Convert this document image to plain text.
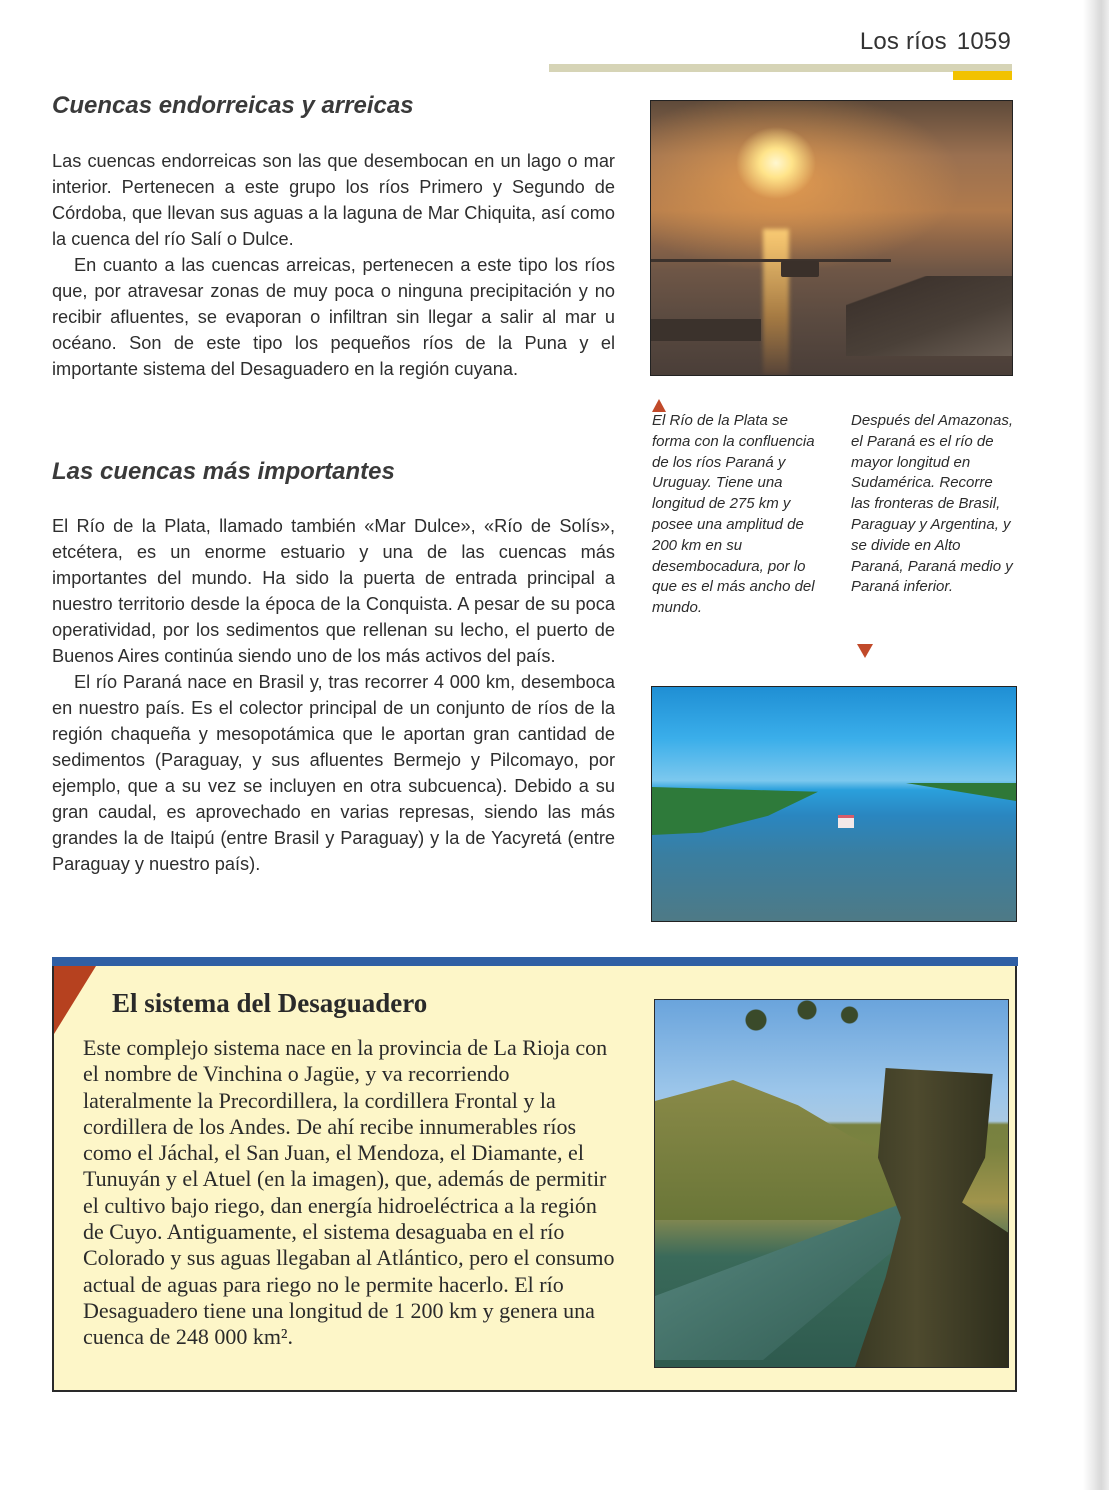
Los ríos 1059
Cuencas endorreicas y arreicas

Las cuencas endorreicas son las que desembocan en un lago o mar interior. Pertenecen a este grupo los ríos Primero y Segundo de Córdoba, que llevan sus aguas a la laguna de Mar Chiquita, así como la cuenca del río Salí o Dulce.

En cuanto a las cuencas arreicas, pertenecen a este tipo los ríos que, por atravesar zonas de muy poca o ninguna precipitación y no recibir afluentes, se evaporan o infiltran sin llegar a salir al mar u océano. Son de este tipo los pequeños ríos de la Puna y el importante sistema del Desaguadero en la región cuyana.

Las cuencas más importantes

El Río de la Plata, llamado también «Mar Dulce», «Río de Solís», etcétera, es un enorme estuario y una de las cuencas más importantes del mundo. Ha sido la puerta de entrada principal a nuestro territorio desde la época de la Conquista. A pesar de su poca operatividad, por los sedimentos que rellenan su lecho, el puerto de Buenos Aires continúa siendo uno de los más activos del país.

El río Paraná nace en Brasil y, tras recorrer 4 000 km, desemboca en nuestro país. Es el colector principal de un conjunto de ríos de la región chaqueña y mesopotámica que le aportan gran cantidad de sedimentos (Paraguay, y sus afluentes Bermejo y Pilcomayo, por ejemplo, que a su vez se incluyen en otra subcuenca). Debido a su gran caudal, es aprovechado en varias represas, siendo las más grandes la de Itaipú (entre Brasil y Paraguay) y la de Yacyretá (entre Paraguay y nuestro país).

El Río de la Plata se forma con la confluencia de los ríos Paraná y Uruguay. Tiene una longitud de 275 km y posee una amplitud de 200 km en su desembocadura, por lo que es el más ancho del mundo.

Después del Amazonas, el Paraná es el río de mayor longitud en Sudamérica. Recorre las fronteras de Brasil, Paraguay y Argentina, y se divide en Alto Paraná, Paraná medio y Paraná inferior.

El sistema del Desaguadero

Este complejo sistema nace en la provincia de La Rioja con el nombre de Vinchina o Jagüe, y va recorriendo lateralmente la Precordillera, la cordillera Frontal y la cordillera de los Andes. De ahí recibe innumerables ríos como el Jáchal, el San Juan, el Mendoza, el Diamante, el Tunuyán y el Atuel (en la imagen), que, además de permitir el cultivo bajo riego, dan energía hidroeléctrica a la región de Cuyo. Antiguamente, el sistema desaguaba en el río Colorado y sus aguas llegaban al Atlántico, pero el consumo actual de aguas para riego no le permite hacerlo. El río Desaguadero tiene una longitud de 1 200 km y genera una cuenca de 248 000 km².
